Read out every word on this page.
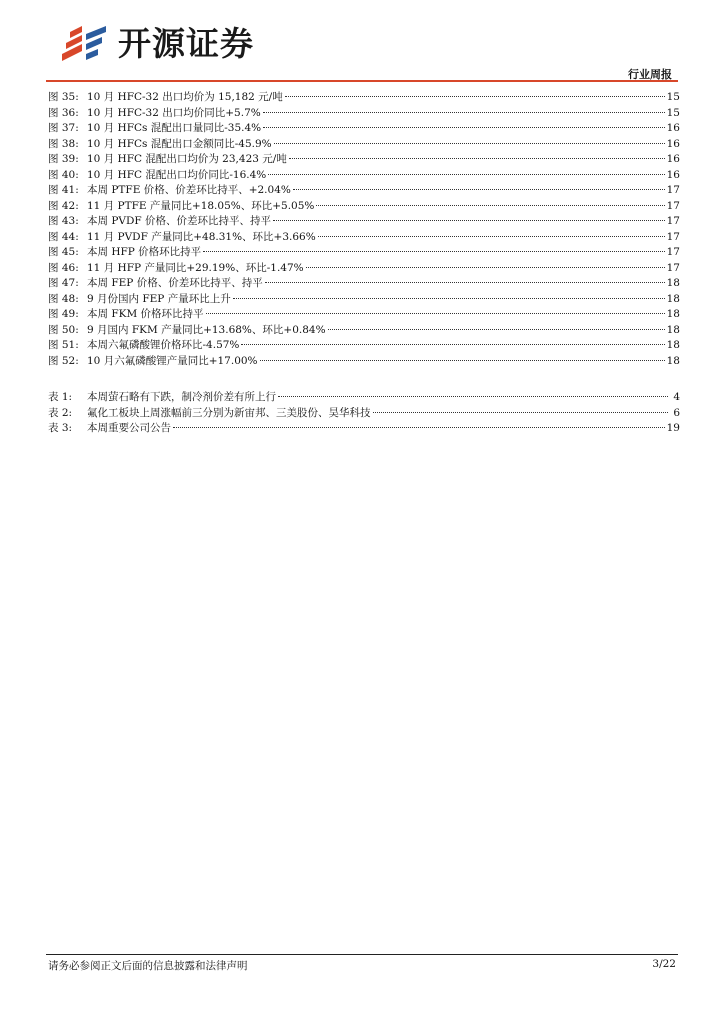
开源证券
行业周报
图 35: 10 月 HFC-32 出口均价为 15,182 元/吨	15
图 36: 10 月 HFC-32 出口均价同比+5.7%	15
图 37: 10 月 HFCs 混配出口量同比-35.4%	16
图 38: 10 月 HFCs 混配出口金额同比-45.9%	16
图 39: 10 月 HFC 混配出口均价为 23,423 元/吨	16
图 40: 10 月 HFC 混配出口均价同比-16.4%	16
图 41: 本周 PTFE 价格、价差环比持平、+2.04%	17
图 42: 11 月 PTFE 产量同比+18.05%、环比+5.05%	17
图 43: 本周 PVDF 价格、价差环比持平、持平	17
图 44: 11 月 PVDF 产量同比+48.31%、环比+3.66%	17
图 45: 本周 HFP 价格环比持平	17
图 46: 11 月 HFP 产量同比+29.19%、环比-1.47%	17
图 47: 本周 FEP 价格、价差环比持平、持平	18
图 48: 9 月份国内 FEP 产量环比上升	18
图 49: 本周 FKM 价格环比持平	18
图 50: 9 月国内 FKM 产量同比+13.68%、环比+0.84%	18
图 51: 本周六氟磷酸锂价格环比-4.57%	18
图 52: 10 月六氟磷酸锂产量同比+17.00%	18
表 1:	本周萤石略有下跌，制冷剂价差有所上行	4
表 2:	氟化工板块上周涨幅前三分别为新宙邦、三美股份、昊华科技	6
表 3:	本周重要公司公告	19
请务必参阅正文后面的信息披露和法律声明	3/22
